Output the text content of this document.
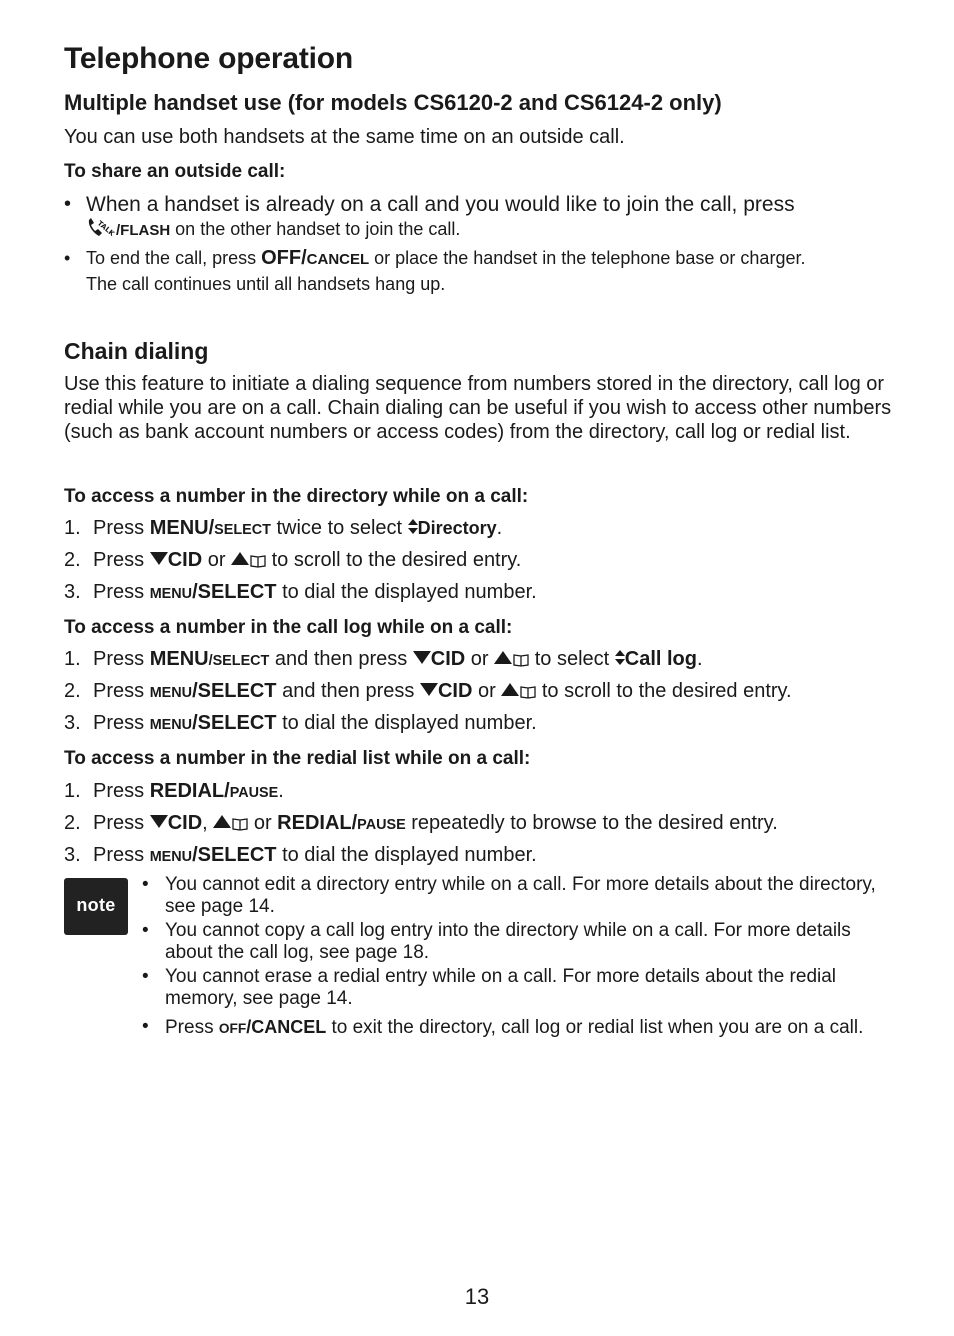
Telephone operation
Multiple handset use (for models CS6120-2 and CS6124-2 only)

You can use both handsets at the same time on an outside call.

To share an outside call:

• When a handset is already on a call and you would like to join the call, press
TALK /FLASH on the other handset to join the call.
• To end the call, press OFF/CANCEL or place the handset in the telephone base or charger.
The call continues until all handsets hang up.
Chain dialing

Use this feature to initiate a dialing sequence from numbers stored in the directory, call log or redial while you are on a call. Chain dialing can be useful if you wish to access other numbers (such as bank account numbers or access codes) from the directory, call log or redial list.

To access a number in the directory while on a call:

1. Press MENU/SELECT twice to select Directory.
2. Press CID or  to scroll to the desired entry.
3. Press MENU/SELECT to dial the displayed number.

To access a number in the call log while on a call:

1. Press MENU/SELECT and then press CID or  to select Call log.
2. Press MENU/SELECT and then press CID or  to scroll to the desired entry.
3. Press MENU/SELECT to dial the displayed number.

To access a number in the redial list while on a call:

1. Press REDIAL/PAUSE.
2. Press CID,  or REDIAL/PAUSE repeatedly to browse to the desired entry.
3. Press MENU/SELECT to dial the displayed number.
note
• You cannot edit a directory entry while on a call. For more details about the directory, see page 14.
• You cannot copy a call log entry into the directory while on a call. For more details about the call log, see page 18.
• You cannot erase a redial entry while on a call. For more details about the redial memory, see page 14.
• Press OFF/CANCEL to exit the directory, call log or redial list when you are on a call.
13
